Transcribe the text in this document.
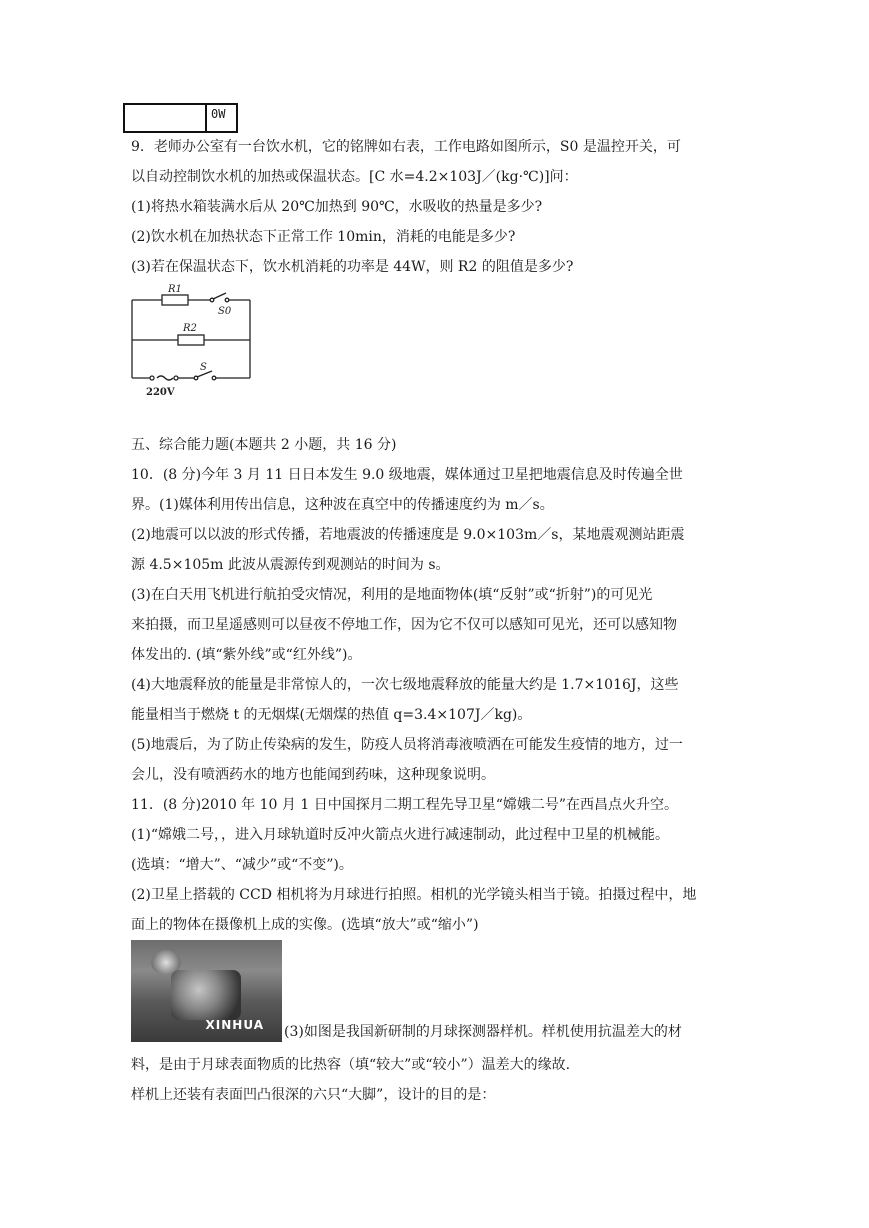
0W
9．老师办公室有一台饮水机，它的铭牌如右表，工作电路如图所示，S0 是温控开关，可
以自动控制饮水机的加热或保温状态。[C 水=4.2×103J／(kg·℃)]问：
(1)将热水箱装满水后从 20℃加热到 90℃，水吸收的热量是多少?
(2)饮水机在加热状态下正常工作 10min，消耗的电能是多少?
(3)若在保温状态下，饮水机消耗的功率是 44W，则 R2 的阻值是多少?
R1
S0
R2
S
220V
五、综合能力题(本题共 2 小题，共 16 分)
10．(8 分)今年 3 月 11 日日本发生 9.0 级地震，媒体通过卫星把地震信息及时传遍全世
界。(1)媒体利用传出信息，这种波在真空中的传播速度约为 m／s。
(2)地震可以以波的形式传播，若地震波的传播速度是 9.0×103m／s，某地震观测站距震
源 4.5×105m 此波从震源传到观测站的时间为 s。
(3)在白天用飞机进行航拍受灾情况，利用的是地面物体(填“反射”或“折射”)的可见光
来拍摄，而卫星遥感则可以昼夜不停地工作，因为它不仅可以感知可见光，还可以感知物
体发出的. (填“紫外线”或“红外线”)。
(4)大地震释放的能量是非常惊人的，一次七级地震释放的能量大约是 1.7×1016J，这些
能量相当于燃烧 t 的无烟煤(无烟煤的热值 q=3.4×107J／kg)。
(5)地震后，为了防止传染病的发生，防疫人员将消毒液喷洒在可能发生疫情的地方，过一
会儿，没有喷洒药水的地方也能闻到药味，这种现象说明。
11．(8 分)2010 年 10 月 1 日中国探月二期工程先导卫星“嫦娥二号”在西昌点火升空。
(1)“嫦娥二号，，进入月球轨道时反冲火箭点火进行减速制动，此过程中卫星的机械能。
(选填：“增大”、“减少”或“不变”)。
(2)卫星上搭载的 CCD 相机将为月球进行拍照。相机的光学镜头相当于镜。拍摄过程中，地
面上的物体在摄像机上成的实像。(选填“放大”或“缩小”)
XINHUA (3)如图是我国新研制的月球探测器样机。样机使用抗温差大的材
料，是由于月球表面物质的比热容（填“较大”或“较小”）温差大的缘故.
样机上还装有表面凹凸很深的六只“大脚”，设计的目的是：
